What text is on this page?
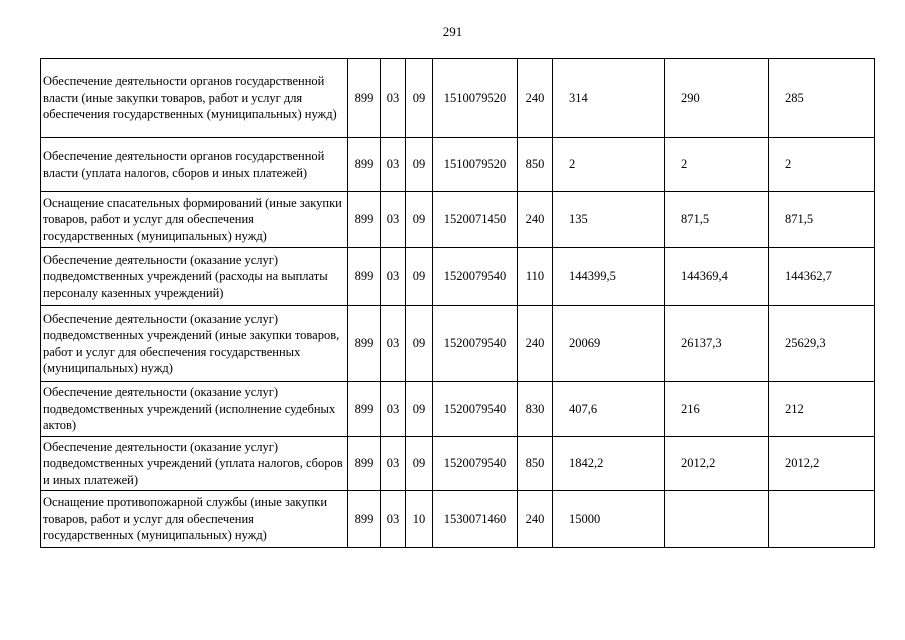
291
Обеспечение деятельности органов государственной власти (иные закупки товаров, работ и услуг для обеспечения государственных (муниципальных) нужд)	899	03	09	1510079520	240	314	290	285
Обеспечение деятельности органов государственной власти (уплата налогов, сборов и иных платежей)	899	03	09	1510079520	850	2	2	2
Оснащение спасательных формирований (иные закупки товаров, работ и услуг для обеспечения государственных (муниципальных) нужд)	899	03	09	1520071450	240	135	871,5	871,5
Обеспечение деятельности (оказание услуг) подведомственных учреждений (расходы на выплаты персоналу казенных учреждений)	899	03	09	1520079540	110	144399,5	144369,4	144362,7
Обеспечение деятельности (оказание услуг) подведомственных учреждений (иные закупки товаров, работ и услуг для обеспечения государственных (муниципальных) нужд)	899	03	09	1520079540	240	20069	26137,3	25629,3
Обеспечение деятельности (оказание услуг) подведомственных учреждений (исполнение судебных актов)	899	03	09	1520079540	830	407,6	216	212
Обеспечение деятельности (оказание услуг) подведомственных учреждений (уплата налогов, сборов и иных платежей)	899	03	09	1520079540	850	1842,2	2012,2	2012,2
Оснащение противопожарной службы (иные закупки товаров, работ и услуг для обеспечения государственных (муниципальных) нужд)	899	03	10	1530071460	240	15000		
